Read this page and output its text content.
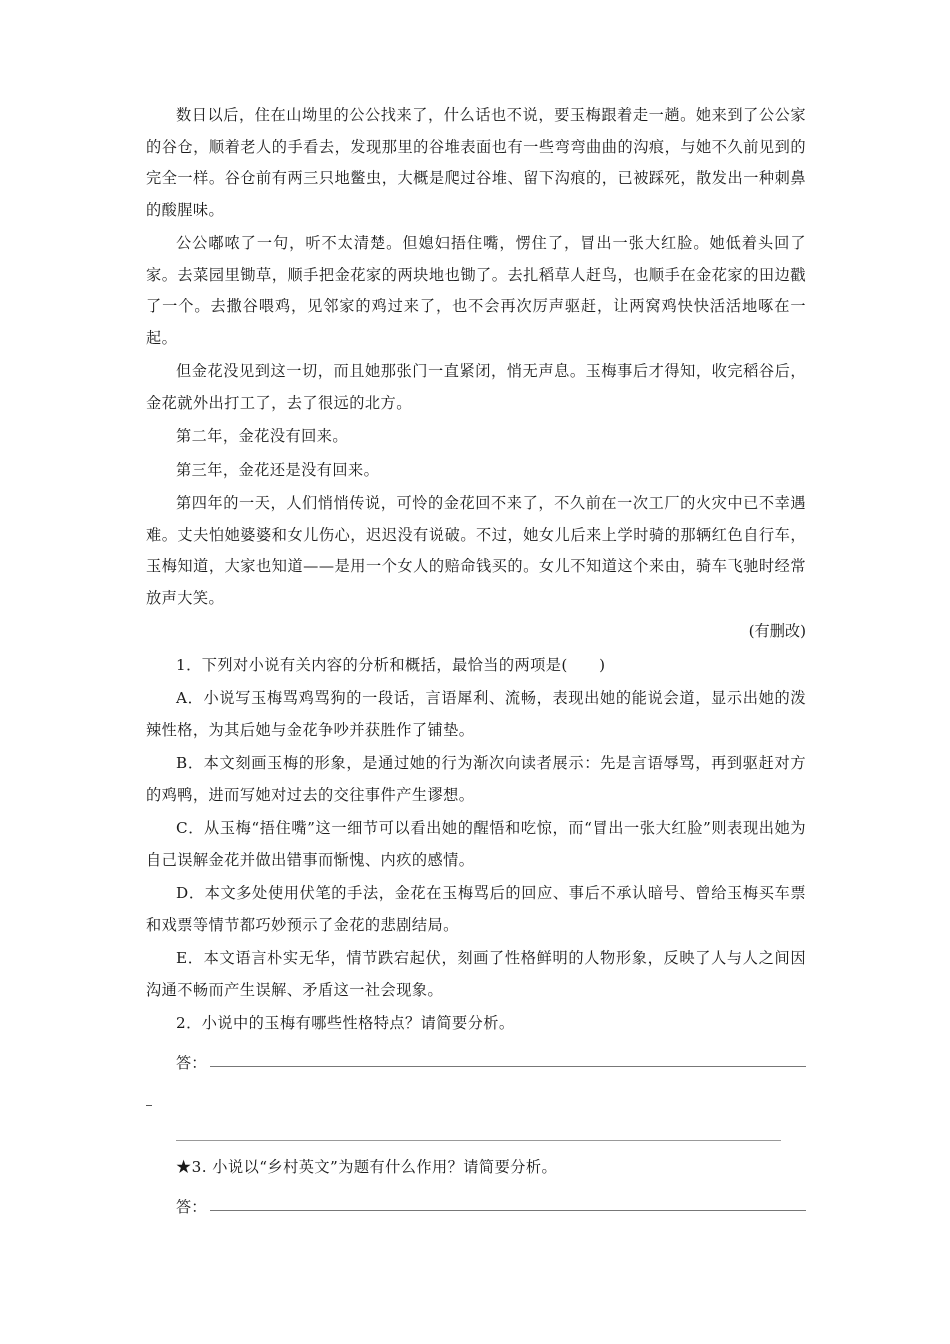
数日以后，住在山坳里的公公找来了，什么话也不说，要玉梅跟着走一趟。她来到了公公家的谷仓，顺着老人的手看去，发现那里的谷堆表面也有一些弯弯曲曲的沟痕，与她不久前见到的完全一样。谷仓前有两三只地鳖虫，大概是爬过谷堆、留下沟痕的，已被踩死，散发出一种刺鼻的酸腥味。

公公嘟哝了一句，听不太清楚。但媳妇捂住嘴，愣住了，冒出一张大红脸。她低着头回了家。去菜园里锄草，顺手把金花家的两块地也锄了。去扎稻草人赶鸟，也顺手在金花家的田边戳了一个。去撒谷喂鸡，见邻家的鸡过来了，也不会再次厉声驱赶，让两窝鸡快快活活地啄在一起。

但金花没见到这一切，而且她那张门一直紧闭，悄无声息。玉梅事后才得知，收完稻谷后，金花就外出打工了，去了很远的北方。

第二年，金花没有回来。

第三年，金花还是没有回来。

第四年的一天，人们悄悄传说，可怜的金花回不来了，不久前在一次工厂的火灾中已不幸遇难。丈夫怕她婆婆和女儿伤心，迟迟没有说破。不过，她女儿后来上学时骑的那辆红色自行车，玉梅知道，大家也知道——是用一个女人的赔命钱买的。女儿不知道这个来由，骑车飞驰时经常放声大笑。

(有删改)

1．下列对小说有关内容的分析和概括，最恰当的两项是(　　)

A．小说写玉梅骂鸡骂狗的一段话，言语犀利、流畅，表现出她的能说会道，显示出她的泼辣性格，为其后她与金花争吵并获胜作了铺垫。

B．本文刻画玉梅的形象，是通过她的行为渐次向读者展示：先是言语辱骂，再到驱赶对方的鸡鸭，进而写她对过去的交往事件产生谬想。

C．从玉梅“捂住嘴”这一细节可以看出她的醒悟和吃惊，而“冒出一张大红脸”则表现出她为自己误解金花并做出错事而惭愧、内疚的感情。

D．本文多处使用伏笔的手法，金花在玉梅骂后的回应、事后不承认暗号、曾给玉梅买车票和戏票等情节都巧妙预示了金花的悲剧结局。

E．本文语言朴实无华，情节跌宕起伏，刻画了性格鲜明的人物形象，反映了人与人之间因沟通不畅而产生误解、矛盾这一社会现象。

2．小说中的玉梅有哪些性格特点？请简要分析。

答：

★3. 小说以“乡村英文”为题有什么作用？请简要分析。

答：
